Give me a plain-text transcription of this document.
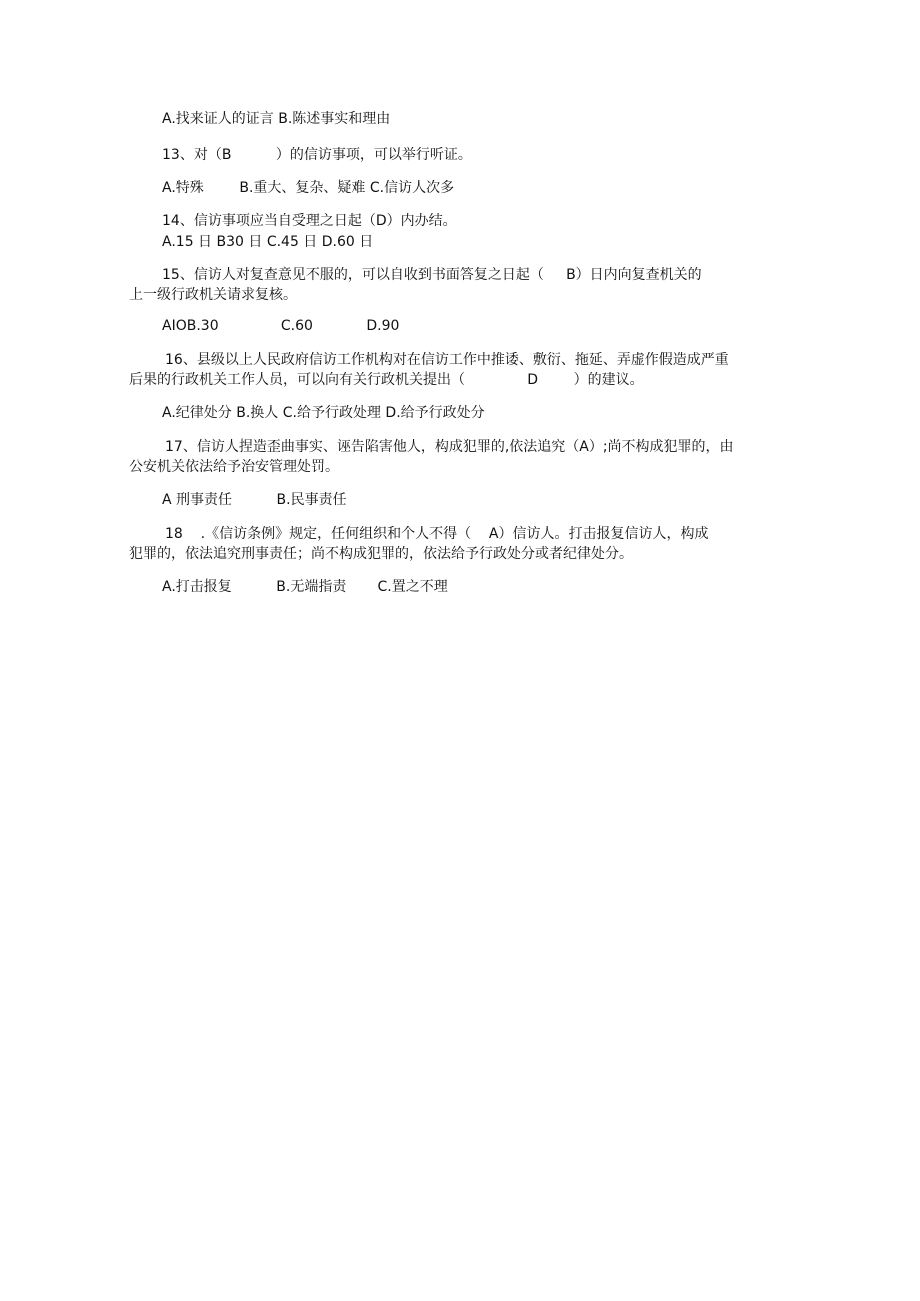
A.找来证人的证言 B.陈述事实和理由
13、对（B          ）的信访事项，可以举行听证。
A.特殊        B.重大、复杂、疑难 C.信访人次多
14、信访事项应当自受理之日起（D）内办结。
A.15 日 B30 日 C.45 日 D.60 日
15、信访人对复查意见不服的，可以自收到书面答复之日起（     B）日内向复查机关的
上一级行政机关请求复核。
AIOB.30              C.60            D.90
16、县级以上人民政府信访工作机构对在信访工作中推诿、敷衍、拖延、弄虚作假造成严重
后果的行政机关工作人员，可以向有关行政机关提出（              D        ）的建议。
A.纪律处分 B.换人 C.给予行政处理 D.给予行政处分
17、信访人捏造歪曲事实、诬告陷害他人，构成犯罪的,依法追究（A）;尚不构成犯罪的，由
公安机关依法给予治安管理处罚。
A 刑事责任          B.民事责任
18    .《信访条例》规定，任何组织和个人不得（    A）信访人。打击报复信访人，构成
犯罪的，依法追究刑事责任；尚不构成犯罪的，依法给予行政处分或者纪律处分。
A.打击报复          B.无端指责       C.置之不理
